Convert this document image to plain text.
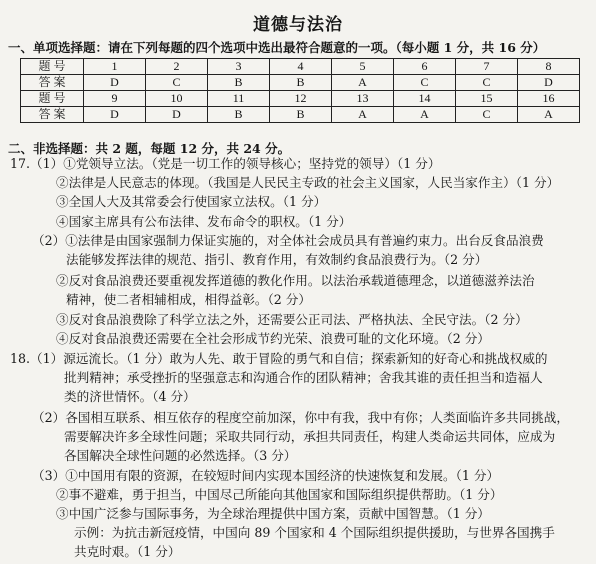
道德与法治
一、单项选择题：请在下列每题的四个选项中选出最符合题意的一项。（每小题 1 分，共 16 分）
题 号	1	2	3	4	5	6	7	8
答 案	D	C	B	B	A	C	C	D
题 号	9	10	11	12	13	14	15	16
答 案	D	D	B	B	A	A	C	A
二、非选择题：共 2 题，每题 12 分，共 24 分。
17.（1）①党领导立法。（党是一切工作的领导核心；坚持党的领导）（1 分）
②法律是人民意志的体现。（我国是人民民主专政的社会主义国家，人民当家作主）（1 分）
③全国人大及其常委会行使国家立法权。（1 分）
④国家主席具有公布法律、发布命令的职权。（1 分）
（2）①法律是由国家强制力保证实施的，对全体社会成员具有普遍约束力。出台反食品浪费
法能够发挥法律的规范、指引、教育作用，有效制约食品浪费行为。（2 分）
②反对食品浪费还要重视发挥道德的教化作用。以法治承载道德理念，以道德滋养法治
精神，使二者相辅相成，相得益彰。（2 分）
③反对食品浪费除了科学立法之外，还需要公正司法、严格执法、全民守法。（2 分）
④反对食品浪费还需要在全社会形成节约光荣、浪费可耻的文化环境。（2 分）
18.（1）源远流长。（1 分）敢为人先、敢于冒险的勇气和自信；探索新知的好奇心和挑战权威的
批判精神；承受挫折的坚强意志和沟通合作的团队精神；舍我其谁的责任担当和造福人
类的济世情怀。（4 分）
（2）各国相互联系、相互依存的程度空前加深，你中有我，我中有你；人类面临许多共同挑战，
需要解决许多全球性问题；采取共同行动，承担共同责任，构建人类命运共同体，应成为
各国解决全球性问题的必然选择。（3 分）
（3）①中国用有限的资源，在较短时间内实现本国经济的快速恢复和发展。（1 分）
②事不避难，勇于担当，中国尽己所能向其他国家和国际组织提供帮助。（1 分）
③中国广泛参与国际事务，为全球治理提供中国方案，贡献中国智慧。（1 分）
示例：为抗击新冠疫情，中国向 89 个国家和 4 个国际组织提供援助，与世界各国携手
共克时艰。（1 分）
